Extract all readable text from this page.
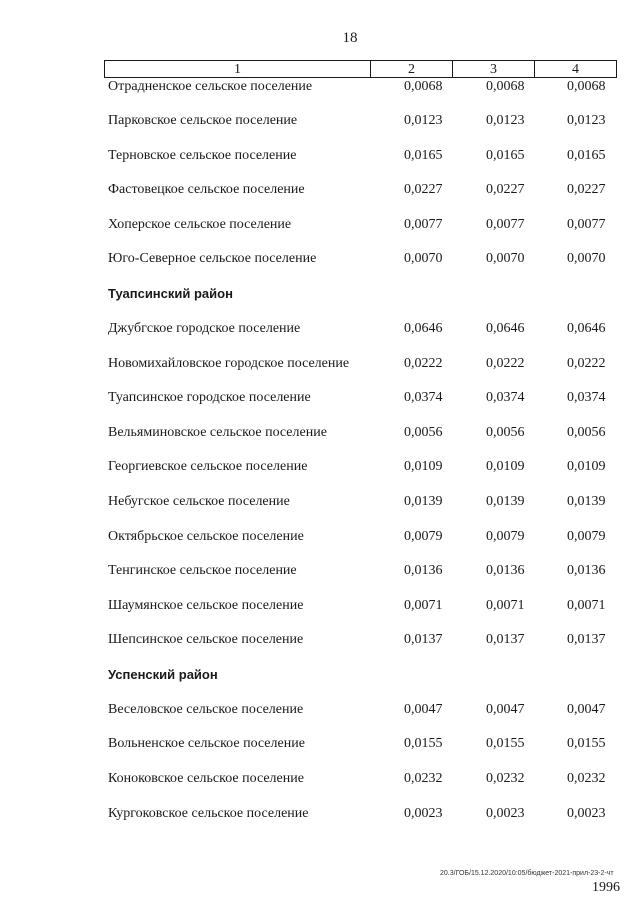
18
1	2	3	4
Отрадненское сельское поселение	0,0068	0,0068	0,0068
Парковское сельское поселение	0,0123	0,0123	0,0123
Терновское сельское поселение	0,0165	0,0165	0,0165
Фастовецкое сельское поселение	0,0227	0,0227	0,0227
Хоперское сельское поселение	0,0077	0,0077	0,0077
Юго-Северное сельское поселение	0,0070	0,0070	0,0070
Туапсинский район
Джубгское городское поселение	0,0646	0,0646	0,0646
Новомихайловское городское поселение	0,0222	0,0222	0,0222
Туапсинское городское поселение	0,0374	0,0374	0,0374
Вельяминовское сельское поселение	0,0056	0,0056	0,0056
Георгиевское сельское поселение	0,0109	0,0109	0,0109
Небугское сельское поселение	0,0139	0,0139	0,0139
Октябрьское сельское поселение	0,0079	0,0079	0,0079
Тенгинское сельское поселение	0,0136	0,0136	0,0136
Шаумянское сельское поселение	0,0071	0,0071	0,0071
Шепсинское сельское поселение	0,0137	0,0137	0,0137
Успенский район
Веселовское сельское поселение	0,0047	0,0047	0,0047
Вольненское сельское поселение	0,0155	0,0155	0,0155
Коноковское сельское поселение	0,0232	0,0232	0,0232
Кургоковское сельское поселение	0,0023	0,0023	0,0023
20.3/ГОБ/15.12.2020/10:05/бюджет-2021-прил-23-2-чт
1996
